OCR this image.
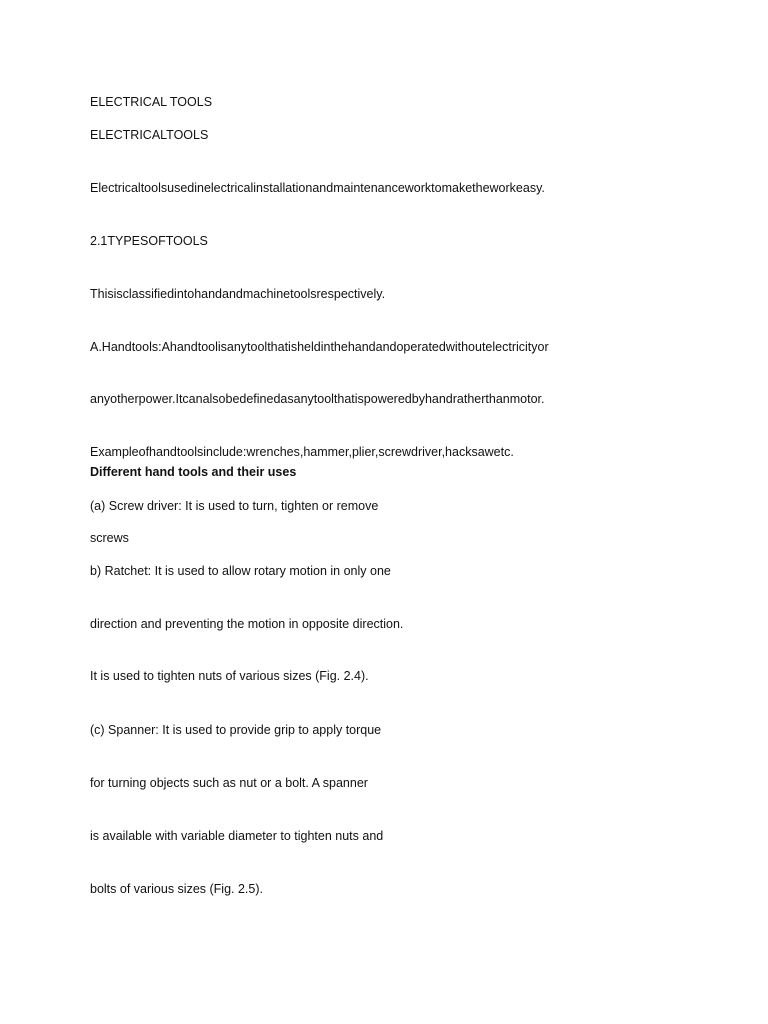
ELECTRICAL TOOLS
ELECTRICALTOOLS
Electricaltoolsusedinelectricalinstallationandmaintenanceworktomaketheworkeasy.
2.1TYPESOFTOOLS
Thisisclassifiedintohandandmachinetoolsrespectively.
A.Handtools:Ahandtoolisanytoolthatisheldinthehandandoperatedwithoutelectricityor
anyotherpower.Itcanalsobedefinedasanytoolthatispoweredbyhandratherthanmotor.
Exampleofhandtoolsinclude:wrenches,hammer,plier,screwdriver,hacksawetc.
Different hand tools and their uses
(a) Screw driver: It is used to turn, tighten or remove
screws
b) Ratchet: It is used to allow rotary motion in only one
direction and preventing the motion in opposite direction.
It is used to tighten nuts of various sizes (Fig. 2.4).
(c) Spanner: It is used to provide grip to apply torque
for turning objects such as nut or a bolt. A spanner
is available with variable diameter to tighten nuts and
bolts of various sizes (Fig. 2.5).
